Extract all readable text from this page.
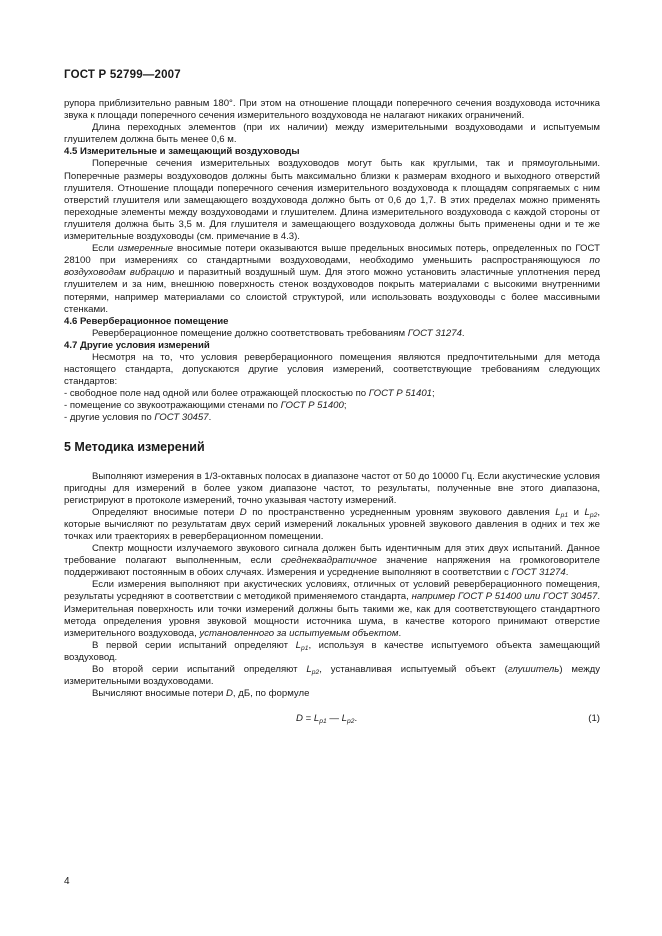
ГОСТ Р 52799—2007

рупора приблизительно равным 180°. При этом на отношение площади поперечного сечения воздуховода источника звука к площади поперечного сечения измерительного воздуховода не налагают никаких ограничений.

Длина переходных элементов (при их наличии) между измерительными воздуховодами и испытуемым глушителем должна быть менее 0,6 м.

4.5 Измерительные и замещающий воздуховоды

Поперечные сечения измерительных воздуховодов могут быть как круглыми, так и прямоугольными. Поперечные размеры воздуховодов должны быть максимально близки к размерам входного и выходного отверстий глушителя. Отношение площади поперечного сечения измерительного воздуховода к площадям сопрягаемых с ним отверстий глушителя или замещающего воздуховода должно быть от 0,6 до 1,7. В этих пределах можно применять переходные элементы между воздуховодами и глушителем. Длина измерительного воздуховода с каждой стороны от глушителя должна быть 3,5 м. Для глушителя и замещающего воздуховода должны быть применены одни и те же измерительные воздуховоды (см. примечание в 4.3).

Если измеренные вносимые потери оказываются выше предельных вносимых потерь, определенных по ГОСТ 28100 при измерениях со стандартными воздуховодами, необходимо уменьшить распространяющуюся по воздуховодам вибрацию и паразитный воздушный шум. Для этого можно установить эластичные уплотнения перед глушителем и за ним, внешнюю поверхность стенок воздуховодов покрыть материалами с высокими внутренними потерями, например материалами со слоистой структурой, или использовать воздуховоды с более массивными стенками.

4.6 Реверберационное помещение

Реверберационное помещение должно соответствовать требованиям ГОСТ 31274.

4.7 Другие условия измерений

Несмотря на то, что условия реверберационного помещения являются предпочтительными для метода настоящего стандарта, допускаются другие условия измерений, соответствующие требованиям следующих стандартов:

- свободное поле над одной или более отражающей плоскостью по ГОСТ Р 51401;

- помещение со звукоотражающими стенами по ГОСТ Р 51400;

- другие условия по ГОСТ 30457.

5 Методика измерений

Выполняют измерения в 1/3-октавных полосах в диапазоне частот от 50 до 10000 Гц. Если акустические условия пригодны для измерений в более узком диапазоне частот, то результаты, полученные вне этого диапазона, регистрируют в протоколе измерений, точно указывая частоту измерений.

Определяют вносимые потери D по пространственно усредненным уровням звукового давления $L_{p1}$ и $L_{p2}$, которые вычисляют по результатам двух серий измерений локальных уровней звукового давления в одних и тех же точках или траекториях в реверберационном помещении.

Спектр мощности излучаемого звукового сигнала должен быть идентичным для этих двух испытаний. Данное требование полагают выполненным, если среднеквадратичное значение напряжения на громкоговорителе поддерживают постоянным в обоих случаях. Измерения и усреднение выполняют в соответствии с ГОСТ 31274.

Если измерения выполняют при акустических условиях, отличных от условий реверберационного помещения, результаты усредняют в соответствии с методикой применяемого стандарта, например ГОСТ Р 51400 или ГОСТ 30457. Измерительная поверхность или точки измерений должны быть такими же, как для соответствующего стандартного метода определения уровня звуковой мощности источника шума, в качестве которого принимают отверстие измерительного воздуховода, установленного за испытуемым объектом.

В первой серии испытаний определяют $L_{p1}$, используя в качестве испытуемого объекта замещающий воздуховод.

Во второй серии испытаний определяют $L_{p2}$, устанавливая испытуемый объект (глушитель) между измерительными воздуховодами.

Вычисляют вносимые потери D, дБ, по формуле

$D = L_{p1}$ — $L_{p2}$.	(1)
4
